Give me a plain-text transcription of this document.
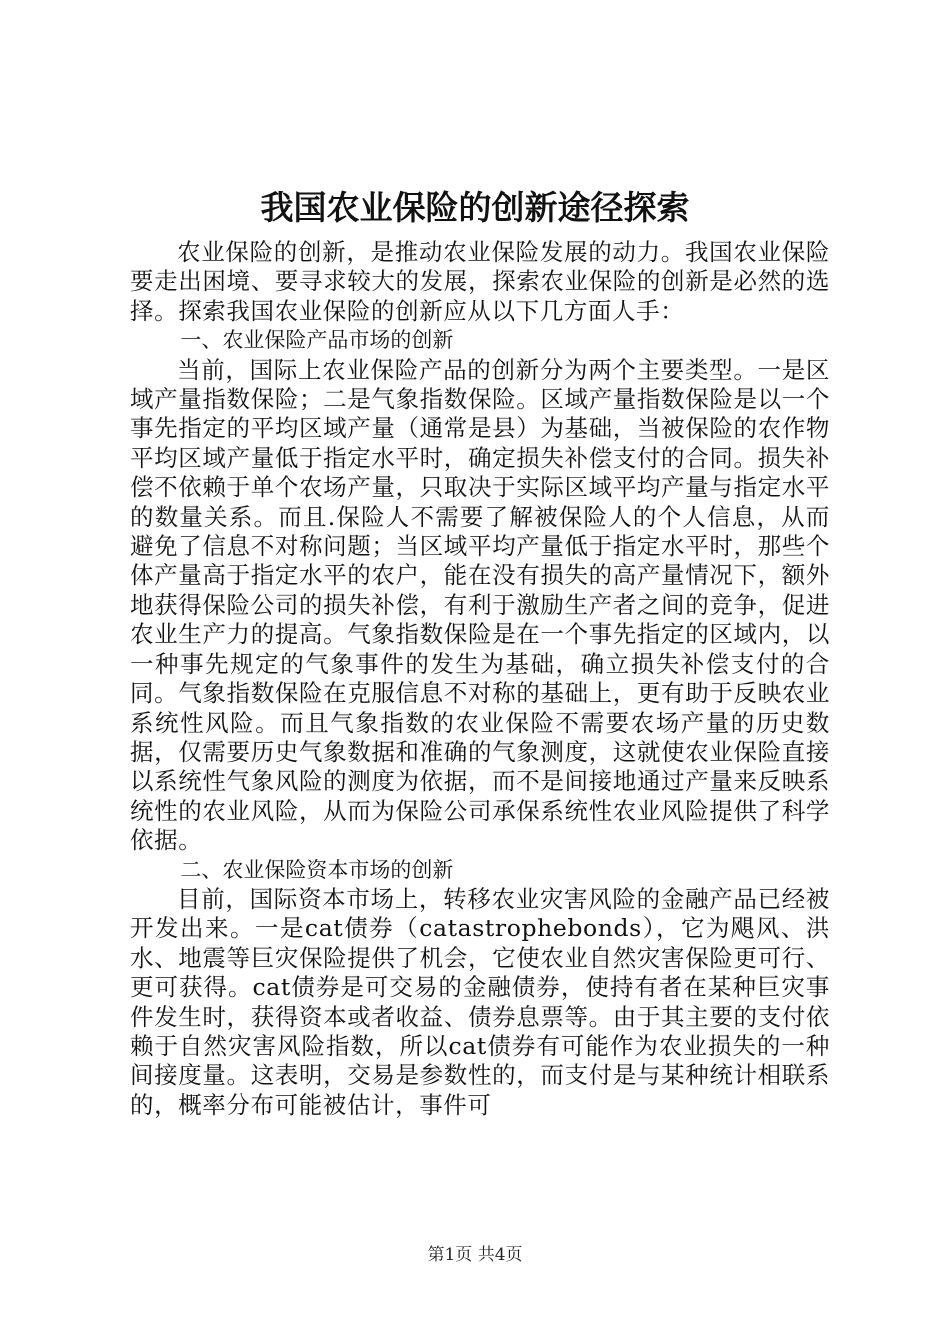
我国农业保险的创新途径探索

农业保险的创新，是推动农业保险发展的动力。我国农业保险要走出困境、要寻求较大的发展，探索农业保险的创新是必然的选择。探索我国农业保险的创新应从以下几方面人手：

一、农业保险产品市场的创新

当前，国际上农业保险产品的创新分为两个主要类型。一是区域产量指数保险；二是气象指数保险。区域产量指数保险是以一个事先指定的平均区域产量（通常是县）为基础，当被保险的农作物平均区域产量低于指定水平时，确定损失补偿支付的合同。损失补偿不依赖于单个农场产量，只取决于实际区域平均产量与指定水平的数量关系。而且.保险人不需要了解被保险人的个人信息，从而避免了信息不对称问题；当区域平均产量低于指定水平时，那些个体产量高于指定水平的农户，能在没有损失的高产量情况下，额外地获得保险公司的损失补偿，有利于激励生产者之间的竞争，促进农业生产力的提高。气象指数保险是在一个事先指定的区域内，以一种事先规定的气象事件的发生为基础，确立损失补偿支付的合同。气象指数保险在克服信息不对称的基础上，更有助于反映农业系统性风险。而且气象指数的农业保险不需要农场产量的历史数据，仅需要历史气象数据和准确的气象测度，这就使农业保险直接以系统性气象风险的测度为依据，而不是间接地通过产量来反映系统性的农业风险，从而为保险公司承保系统性农业风险提供了科学依据。

二、农业保险资本市场的创新

目前，国际资本市场上，转移农业灾害风险的金融产品已经被开发出来。一是cat债券（catastrophebonds），它为飓风、洪水、地震等巨灾保险提供了机会，它使农业自然灾害保险更可行、更可获得。cat债券是可交易的金融债券，使持有者在某种巨灾事件发生时，获得资本或者收益、债券息票等。由于其主要的支付依赖于自然灾害风险指数，所以cat债券有可能作为农业损失的一种间接度量。这表明，交易是参数性的，而支付是与某种统计相联系的，概率分布可能被估计，事件可

第1页 共4页
